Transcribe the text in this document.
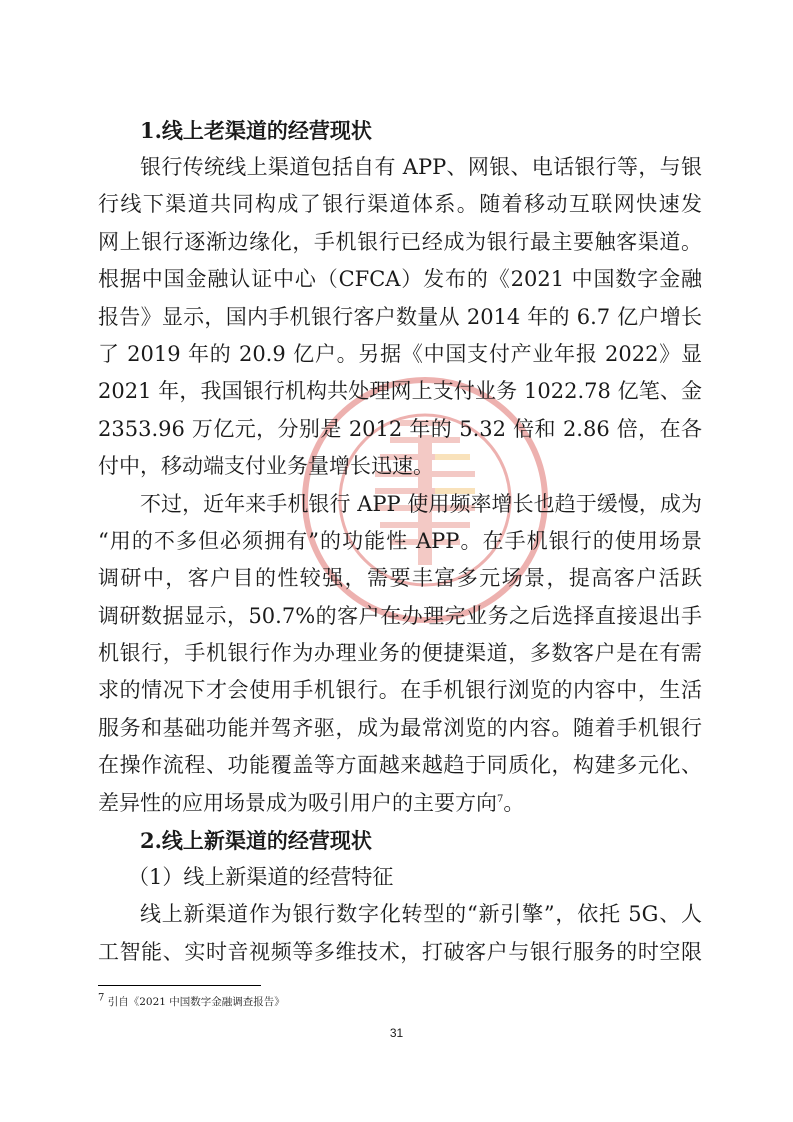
1.线上老渠道的经营现状
银行传统线上渠道包括自有 APP、网银、电话银行等，与银
行线下渠道共同构成了银行渠道体系。随着移动互联网快速发
网上银行逐渐边缘化，手机银行已经成为银行最主要触客渠道。
根据中国金融认证中心（CFCA）发布的《2021 中国数字金融
报告》显示，国内手机银行客户数量从 2014 年的 6.7 亿户增长
了 2019 年的 20.9 亿户。另据《中国支付产业年报 2022》显
2021 年，我国银行机构共处理网上支付业务 1022.78 亿笔、金
2353.96 万亿元，分别是 2012 年的 5.32 倍和 2.86 倍，在各
付中，移动端支付业务量增长迅速。
不过，近年来手机银行 APP 使用频率增长也趋于缓慢，成为
“用的不多但必须拥有”的功能性 APP。在手机银行的使用场景
调研中，客户目的性较强，需要丰富多元场景，提高客户活跃
调研数据显示，50.7%的客户在办理完业务之后选择直接退出手
机银行，手机银行作为办理业务的便捷渠道，多数客户是在有需
求的情况下才会使用手机银行。在手机银行浏览的内容中，生活
服务和基础功能并驾齐驱，成为最常浏览的内容。随着手机银行
在操作流程、功能覆盖等方面越来越趋于同质化，构建多元化、
差异性的应用场景成为吸引用户的主要方向$^7$。
2.线上新渠道的经营现状
（1）线上新渠道的经营特征
线上新渠道作为银行数字化转型的“新引擎”，依托 5G、人
工智能、实时音视频等多维技术，打破客户与银行服务的时空限
$^7$ 引自《2021 中国数字金融调查报告》
31
